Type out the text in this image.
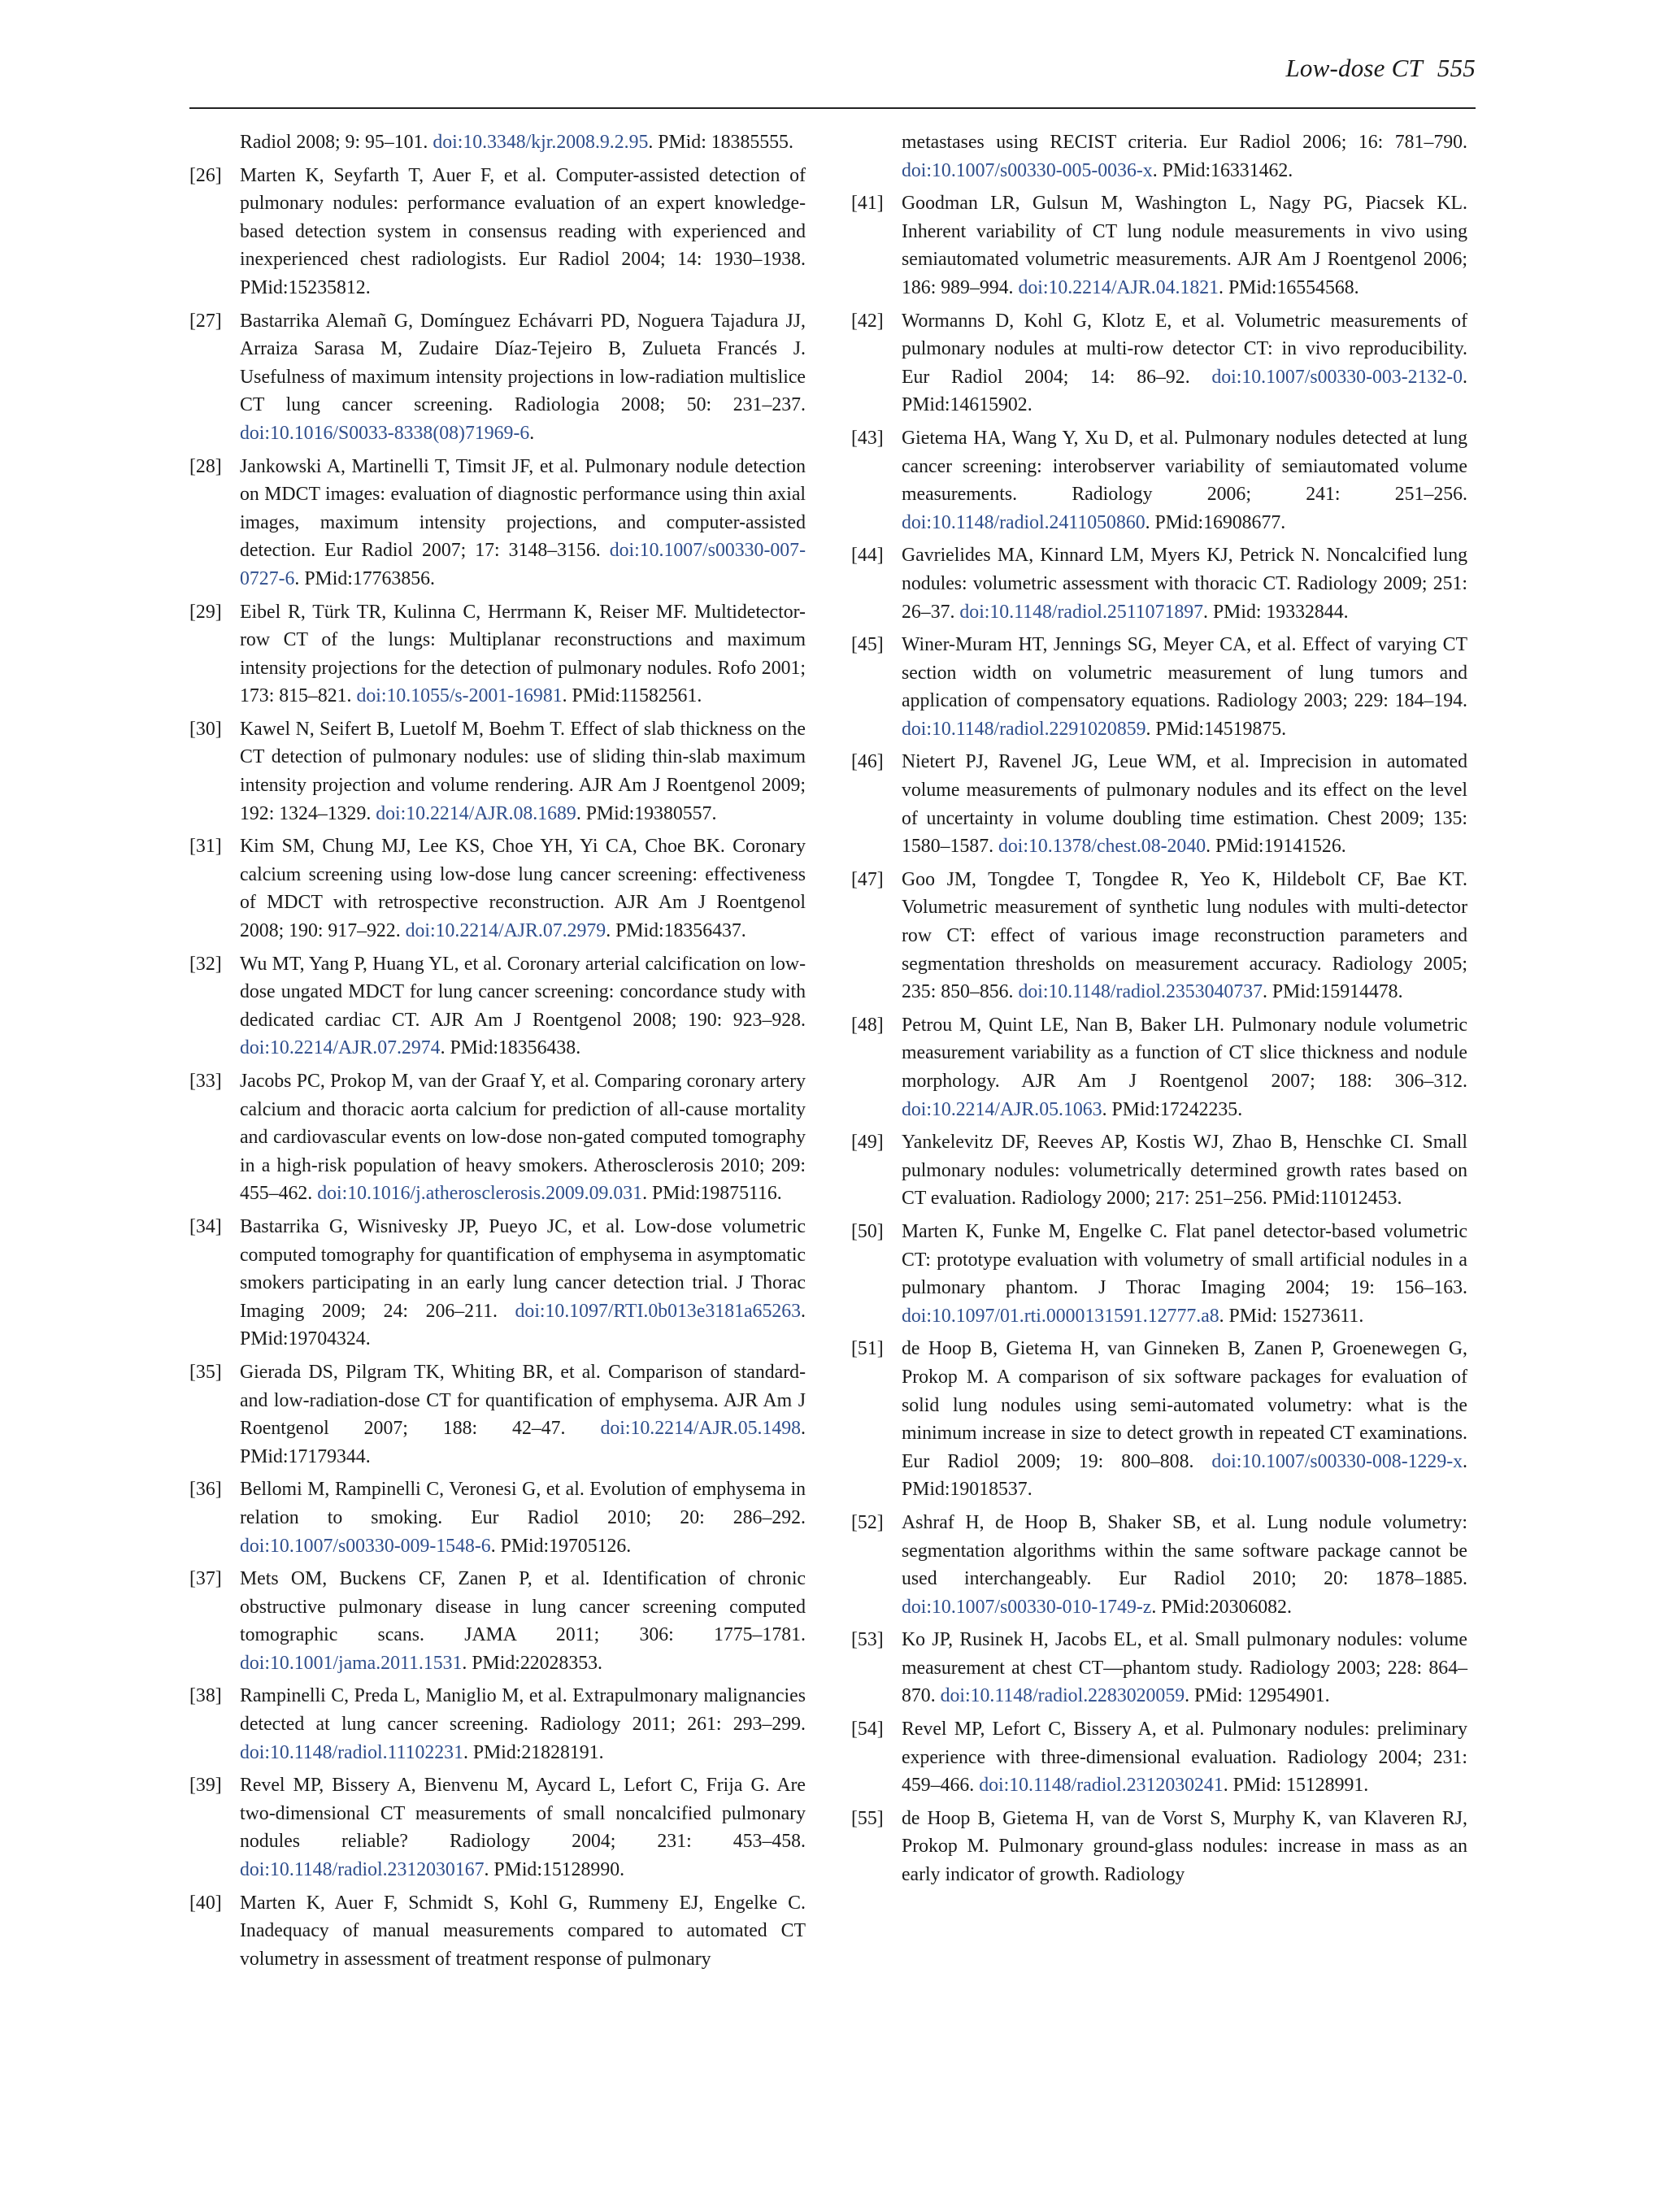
Low-dose CT 555
Radiol 2008; 9: 95–101. doi:10.3348/kjr.2008.9.2.95. PMid: 18385555.
[26] Marten K, Seyfarth T, Auer F, et al. Computer-assisted detection of pulmonary nodules: performance evaluation of an expert knowledge-based detection system in consensus reading with experienced and inexperienced chest radiologists. Eur Radiol 2004; 14: 1930–1938. PMid:15235812.
[27] Bastarrika Alemañ G, Domínguez Echávarri PD, Noguera Tajadura JJ, Arraiza Sarasa M, Zudaire Díaz-Tejeiro B, Zulueta Francés J. Usefulness of maximum intensity projections in low-radiation multislice CT lung cancer screening. Radiologia 2008; 50: 231–237. doi:10.1016/S0033-8338(08)71969-6.
[28] Jankowski A, Martinelli T, Timsit JF, et al. Pulmonary nodule detection on MDCT images: evaluation of diagnostic performance using thin axial images, maximum intensity projections, and computer-assisted detection. Eur Radiol 2007; 17: 3148–3156. doi:10.1007/s00330-007-0727-6. PMid:17763856.
[29] Eibel R, Türk TR, Kulinna C, Herrmann K, Reiser MF. Multidetector-row CT of the lungs: Multiplanar reconstructions and maximum intensity projections for the detection of pulmonary nodules. Rofo 2001; 173: 815–821. doi:10.1055/s-2001-16981. PMid:11582561.
[30] Kawel N, Seifert B, Luetolf M, Boehm T. Effect of slab thickness on the CT detection of pulmonary nodules: use of sliding thin-slab maximum intensity projection and volume rendering. AJR Am J Roentgenol 2009; 192: 1324–1329. doi:10.2214/AJR.08.1689. PMid:19380557.
[31] Kim SM, Chung MJ, Lee KS, Choe YH, Yi CA, Choe BK. Coronary calcium screening using low-dose lung cancer screening: effectiveness of MDCT with retrospective reconstruction. AJR Am J Roentgenol 2008; 190: 917–922. doi:10.2214/AJR.07.2979. PMid:18356437.
[32] Wu MT, Yang P, Huang YL, et al. Coronary arterial calcification on low-dose ungated MDCT for lung cancer screening: concordance study with dedicated cardiac CT. AJR Am J Roentgenol 2008; 190: 923–928. doi:10.2214/AJR.07.2974. PMid:18356438.
[33] Jacobs PC, Prokop M, van der Graaf Y, et al. Comparing coronary artery calcium and thoracic aorta calcium for prediction of all-cause mortality and cardiovascular events on low-dose non-gated computed tomography in a high-risk population of heavy smokers. Atherosclerosis 2010; 209: 455–462. doi:10.1016/j.atherosclerosis.2009.09.031. PMid:19875116.
[34] Bastarrika G, Wisnivesky JP, Pueyo JC, et al. Low-dose volumetric computed tomography for quantification of emphysema in asymptomatic smokers participating in an early lung cancer detection trial. J Thorac Imaging 2009; 24: 206–211. doi:10.1097/RTI.0b013e3181a65263. PMid:19704324.
[35] Gierada DS, Pilgram TK, Whiting BR, et al. Comparison of standard- and low-radiation-dose CT for quantification of emphysema. AJR Am J Roentgenol 2007; 188: 42–47. doi:10.2214/AJR.05.1498. PMid:17179344.
[36] Bellomi M, Rampinelli C, Veronesi G, et al. Evolution of emphysema in relation to smoking. Eur Radiol 2010; 20: 286–292. doi:10.1007/s00330-009-1548-6. PMid:19705126.
[37] Mets OM, Buckens CF, Zanen P, et al. Identification of chronic obstructive pulmonary disease in lung cancer screening computed tomographic scans. JAMA 2011; 306: 1775–1781. doi:10.1001/jama.2011.1531. PMid:22028353.
[38] Rampinelli C, Preda L, Maniglio M, et al. Extrapulmonary malignancies detected at lung cancer screening. Radiology 2011; 261: 293–299. doi:10.1148/radiol.11102231. PMid:21828191.
[39] Revel MP, Bissery A, Bienvenu M, Aycard L, Lefort C, Frija G. Are two-dimensional CT measurements of small noncalcified pulmonary nodules reliable? Radiology 2004; 231: 453–458. doi:10.1148/radiol.2312030167. PMid:15128990.
[40] Marten K, Auer F, Schmidt S, Kohl G, Rummeny EJ, Engelke C. Inadequacy of manual measurements compared to automated CT volumetry in assessment of treatment response of pulmonary
metastases using RECIST criteria. Eur Radiol 2006; 16: 781–790. doi:10.1007/s00330-005-0036-x. PMid:16331462.
[41] Goodman LR, Gulsun M, Washington L, Nagy PG, Piacsek KL. Inherent variability of CT lung nodule measurements in vivo using semiautomated volumetric measurements. AJR Am J Roentgenol 2006; 186: 989–994. doi:10.2214/AJR.04.1821. PMid:16554568.
[42] Wormanns D, Kohl G, Klotz E, et al. Volumetric measurements of pulmonary nodules at multi-row detector CT: in vivo reproducibility. Eur Radiol 2004; 14: 86–92. doi:10.1007/s00330-003-2132-0. PMid:14615902.
[43] Gietema HA, Wang Y, Xu D, et al. Pulmonary nodules detected at lung cancer screening: interobserver variability of semiautomated volume measurements. Radiology 2006; 241: 251–256. doi:10.1148/radiol.2411050860. PMid:16908677.
[44] Gavrielides MA, Kinnard LM, Myers KJ, Petrick N. Noncalcified lung nodules: volumetric assessment with thoracic CT. Radiology 2009; 251: 26–37. doi:10.1148/radiol.2511071897. PMid: 19332844.
[45] Winer-Muram HT, Jennings SG, Meyer CA, et al. Effect of varying CT section width on volumetric measurement of lung tumors and application of compensatory equations. Radiology 2003; 229: 184–194. doi:10.1148/radiol.2291020859. PMid:14519875.
[46] Nietert PJ, Ravenel JG, Leue WM, et al. Imprecision in automated volume measurements of pulmonary nodules and its effect on the level of uncertainty in volume doubling time estimation. Chest 2009; 135: 1580–1587. doi:10.1378/chest.08-2040. PMid:19141526.
[47] Goo JM, Tongdee T, Tongdee R, Yeo K, Hildebolt CF, Bae KT. Volumetric measurement of synthetic lung nodules with multi-detector row CT: effect of various image reconstruction parameters and segmentation thresholds on measurement accuracy. Radiology 2005; 235: 850–856. doi:10.1148/radiol.2353040737. PMid:15914478.
[48] Petrou M, Quint LE, Nan B, Baker LH. Pulmonary nodule volumetric measurement variability as a function of CT slice thickness and nodule morphology. AJR Am J Roentgenol 2007; 188: 306–312. doi:10.2214/AJR.05.1063. PMid:17242235.
[49] Yankelevitz DF, Reeves AP, Kostis WJ, Zhao B, Henschke CI. Small pulmonary nodules: volumetrically determined growth rates based on CT evaluation. Radiology 2000; 217: 251–256. PMid:11012453.
[50] Marten K, Funke M, Engelke C. Flat panel detector-based volumetric CT: prototype evaluation with volumetry of small artificial nodules in a pulmonary phantom. J Thorac Imaging 2004; 19: 156–163. doi:10.1097/01.rti.0000131591.12777.a8. PMid: 15273611.
[51] de Hoop B, Gietema H, van Ginneken B, Zanen P, Groenewegen G, Prokop M. A comparison of six software packages for evaluation of solid lung nodules using semi-automated volumetry: what is the minimum increase in size to detect growth in repeated CT examinations. Eur Radiol 2009; 19: 800–808. doi:10.1007/s00330-008-1229-x. PMid:19018537.
[52] Ashraf H, de Hoop B, Shaker SB, et al. Lung nodule volumetry: segmentation algorithms within the same software package cannot be used interchangeably. Eur Radiol 2010; 20: 1878–1885. doi:10.1007/s00330-010-1749-z. PMid:20306082.
[53] Ko JP, Rusinek H, Jacobs EL, et al. Small pulmonary nodules: volume measurement at chest CT—phantom study. Radiology 2003; 228: 864–870. doi:10.1148/radiol.2283020059. PMid: 12954901.
[54] Revel MP, Lefort C, Bissery A, et al. Pulmonary nodules: preliminary experience with three-dimensional evaluation. Radiology 2004; 231: 459–466. doi:10.1148/radiol.2312030241. PMid: 15128991.
[55] de Hoop B, Gietema H, van de Vorst S, Murphy K, van Klaveren RJ, Prokop M. Pulmonary ground-glass nodules: increase in mass as an early indicator of growth. Radiology
